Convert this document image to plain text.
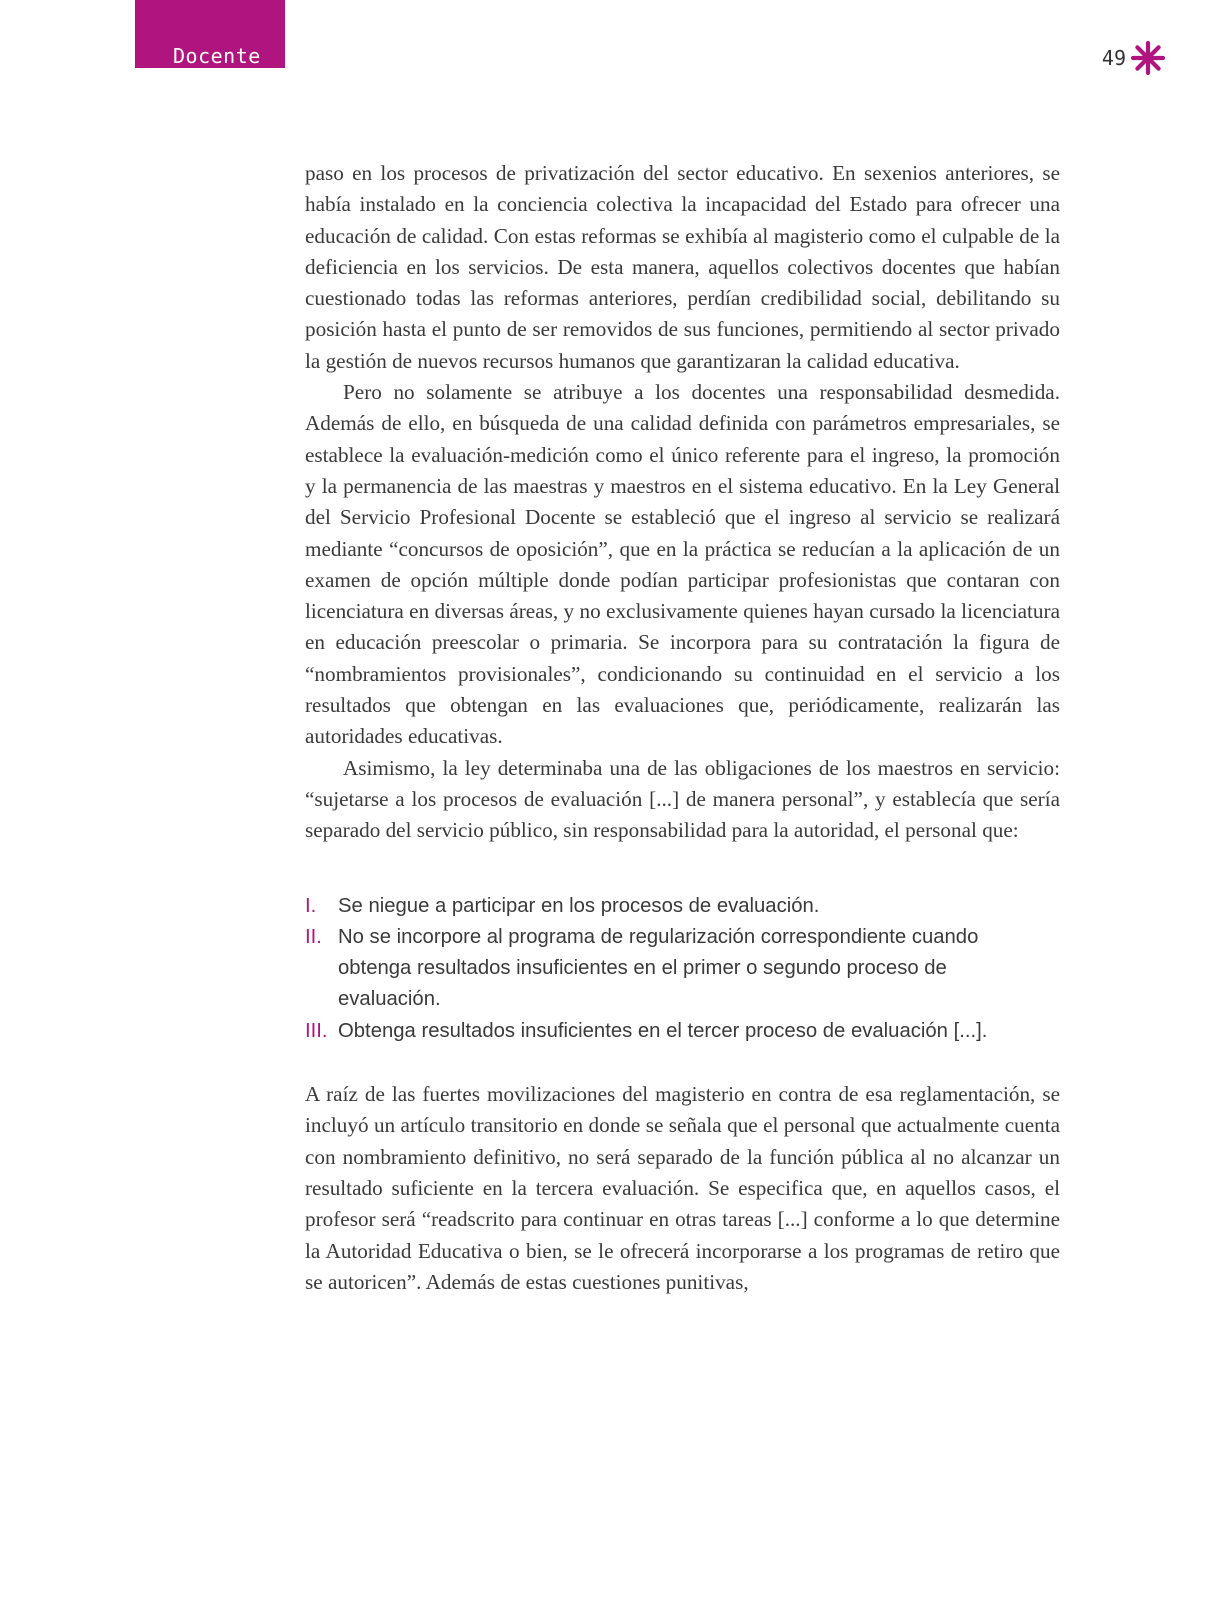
Docente	49

paso en los procesos de privatización del sector educativo. En sexenios anteriores, se había instalado en la conciencia colectiva la incapacidad del Estado para ofrecer una educación de calidad. Con estas reformas se exhibía al magisterio como el culpable de la deficiencia en los servicios. De esta manera, aquellos colectivos docentes que habían cuestionado todas las reformas anteriores, perdían credibilidad social, debilitando su posición hasta el punto de ser removidos de sus funciones, permitiendo al sector privado la gestión de nuevos recursos humanos que garantizaran la calidad educativa.

Pero no solamente se atribuye a los docentes una responsabilidad desmedida. Además de ello, en búsqueda de una calidad definida con parámetros empresariales, se establece la evaluación-medición como el único referente para el ingreso, la promoción y la permanencia de las maestras y maestros en el sistema educativo. En la Ley General del Servicio Profesional Docente se estableció que el ingreso al servicio se realizará mediante “concursos de oposición”, que en la práctica se reducían a la aplicación de un examen de opción múltiple donde podían participar profesionistas que contaran con licenciatura en diversas áreas, y no exclusivamente quienes hayan cursado la licenciatura en educación preescolar o primaria. Se incorpora para su contratación la figura de “nombramientos provisionales”, condicionando su continuidad en el servicio a los resultados que obtengan en las evaluaciones que, periódicamente, realizarán las autoridades educativas.

Asimismo, la ley determinaba una de las obligaciones de los maestros en servicio: “sujetarse a los procesos de evaluación [...] de manera personal”, y establecía que sería separado del servicio público, sin responsabilidad para la autoridad, el personal que:

I. Se niegue a participar en los procesos de evaluación.
II. No se incorpore al programa de regularización correspondiente cuando obtenga resultados insuficientes en el primer o segundo proceso de evaluación.
III. Obtenga resultados insuficientes en el tercer proceso de evaluación [...].

A raíz de las fuertes movilizaciones del magisterio en contra de esa reglamentación, se incluyó un artículo transitorio en donde se señala que el personal que actualmente cuenta con nombramiento definitivo, no será separado de la función pública al no alcanzar un resultado suficiente en la tercera evaluación. Se especifica que, en aquellos casos, el profesor será “readscrito para continuar en otras tareas [...] conforme a lo que determine la Autoridad Educativa o bien, se le ofrecerá incorporarse a los programas de retiro que se autoricen”. Además de estas cuestiones punitivas,
